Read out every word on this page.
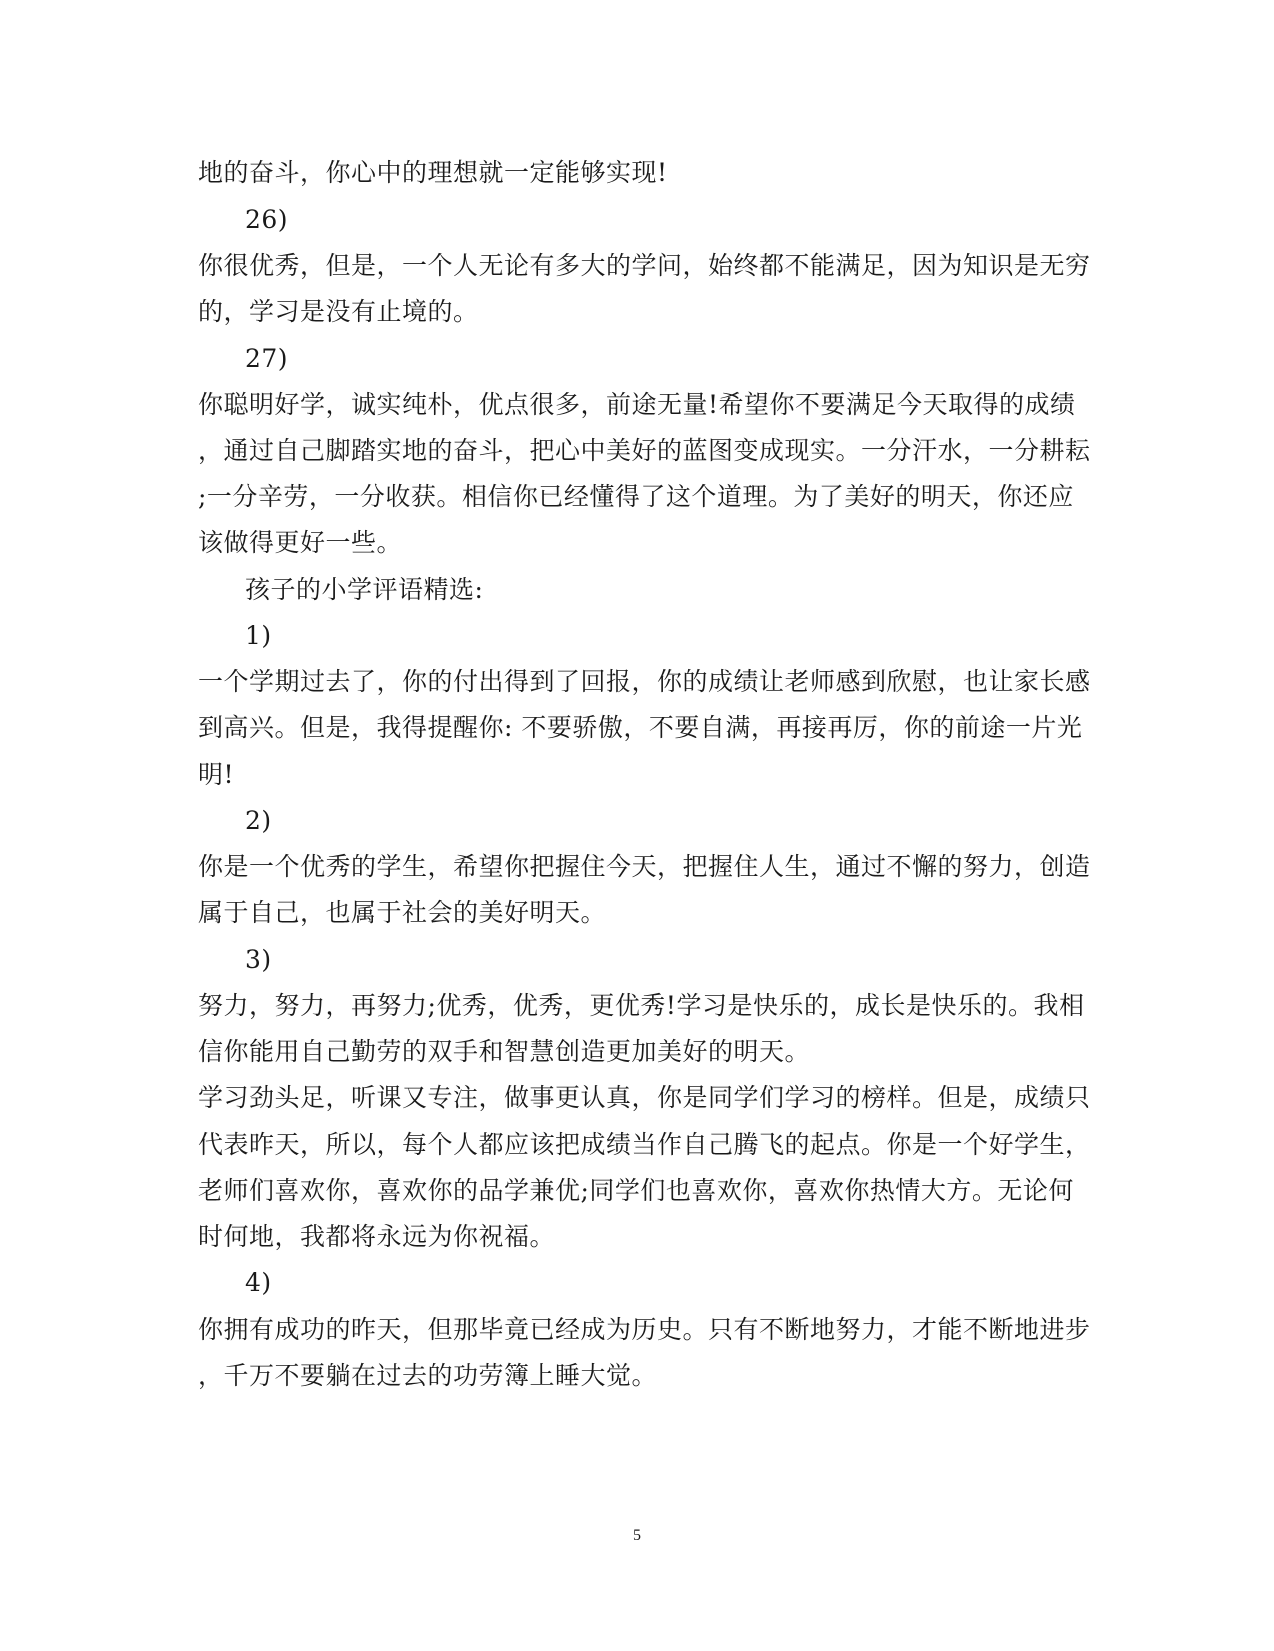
地的奋斗，你心中的理想就一定能够实现!
26)
你很优秀，但是，一个人无论有多大的学问，始终都不能满足，因为知识是无穷
的，学习是没有止境的。
27)
你聪明好学，诚实纯朴，优点很多，前途无量!希望你不要满足今天取得的成绩
，通过自己脚踏实地的奋斗，把心中美好的蓝图变成现实。一分汗水，一分耕耘
;一分辛劳，一分收获。相信你已经懂得了这个道理。为了美好的明天，你还应
该做得更好一些。
孩子的小学评语精选:
1)
一个学期过去了，你的付出得到了回报，你的成绩让老师感到欣慰，也让家长感
到高兴。但是，我得提醒你: 不要骄傲，不要自满，再接再厉，你的前途一片光
明!
2)
你是一个优秀的学生，希望你把握住今天，把握住人生，通过不懈的努力，创造
属于自己，也属于社会的美好明天。
3)
努力，努力，再努力;优秀，优秀，更优秀!学习是快乐的，成长是快乐的。我相
信你能用自己勤劳的双手和智慧创造更加美好的明天。
学习劲头足，听课又专注，做事更认真，你是同学们学习的榜样。但是，成绩只
代表昨天，所以，每个人都应该把成绩当作自己腾飞的起点。你是一个好学生，
老师们喜欢你，喜欢你的品学兼优;同学们也喜欢你，喜欢你热情大方。无论何
时何地，我都将永远为你祝福。
4)
你拥有成功的昨天，但那毕竟已经成为历史。只有不断地努力，才能不断地进步
，千万不要躺在过去的功劳簿上睡大觉。
5
